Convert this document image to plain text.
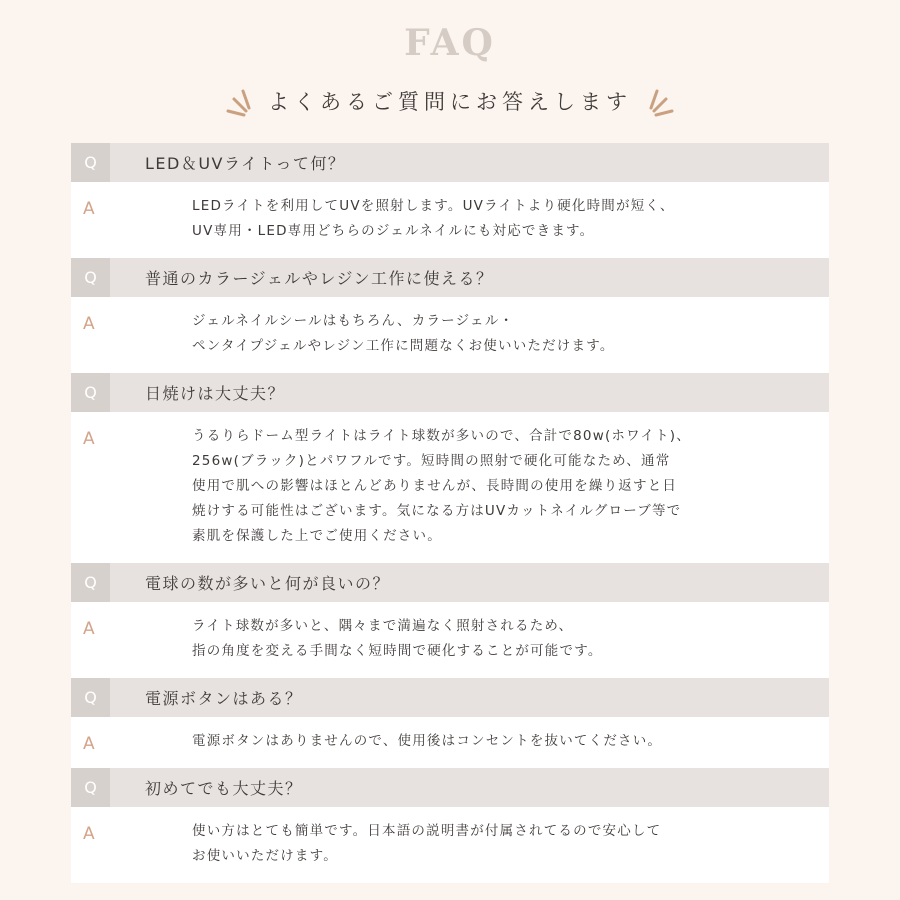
FAQ
よくあるご質問にお答えします
Q	LED＆UVライトって何？
A	LEDライトを利用してUVを照射します。UVライトより硬化時間が短く、
UV専用・LED専用どちらのジェルネイルにも対応できます。
Q	普通のカラージェルやレジン工作に使える？
A	ジェルネイルシールはもちろん、カラージェル・
ペンタイプジェルやレジン工作に問題なくお使いいただけます。
Q	日焼けは大丈夫？
A	うるりらドーム型ライトはライト球数が多いので、合計で80w(ホワイト)、
256w(ブラック)とパワフルです。短時間の照射で硬化可能なため、通常
使用で肌への影響はほとんどありませんが、長時間の使用を繰り返すと日
焼けする可能性はございます。気になる方はUVカットネイルグローブ等で
素肌を保護した上でご使用ください。
Q	電球の数が多いと何が良いの？
A	ライト球数が多いと、隅々まで満遍なく照射されるため、
指の角度を変える手間なく短時間で硬化することが可能です。
Q	電源ボタンはある？
A	電源ボタンはありませんので、使用後はコンセントを抜いてください。
Q	初めてでも大丈夫？
A	使い方はとても簡単です。日本語の説明書が付属されてるので安心して
お使いいただけます。
